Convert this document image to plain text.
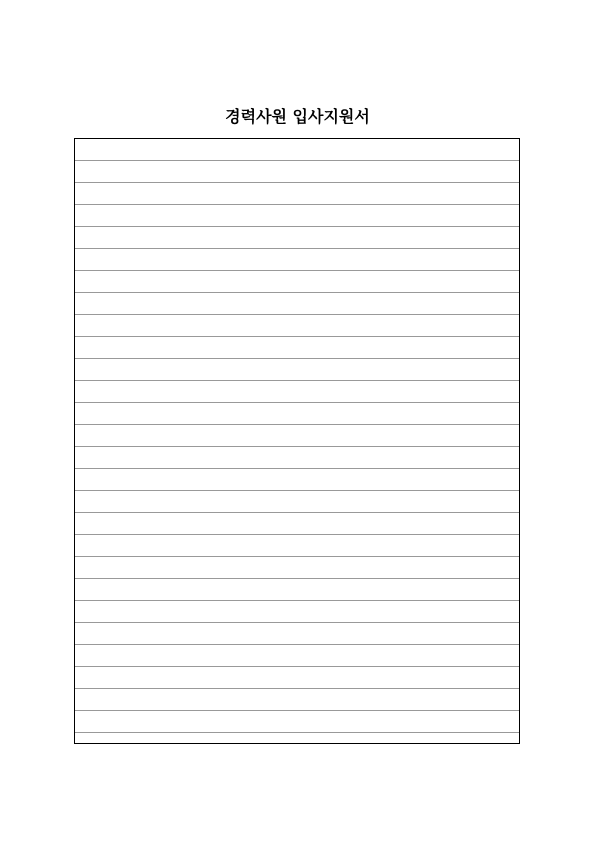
경력사원 입사지원서
